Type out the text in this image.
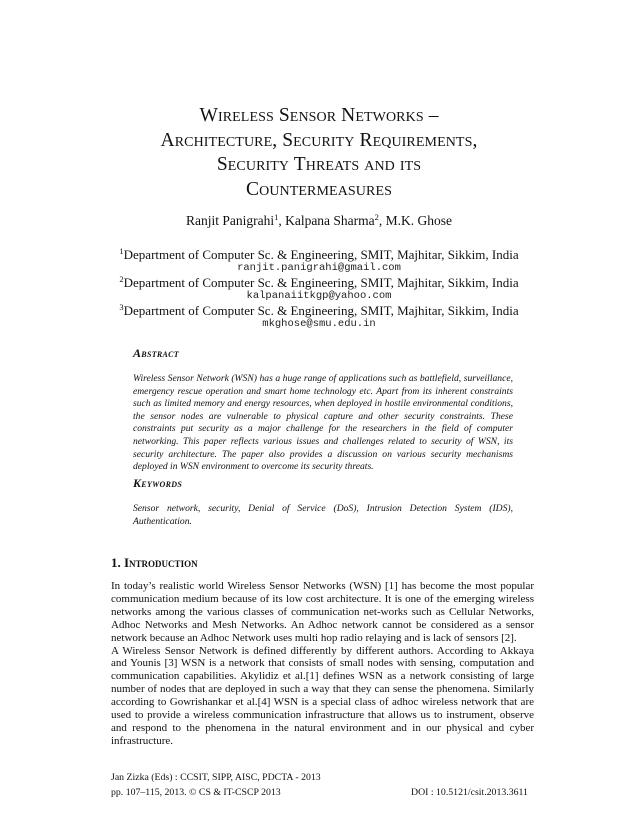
Wireless Sensor Networks –
Architecture, Security Requirements,
Security Threats and its
Countermeasures
Ranjit Panigrahi$^1$, Kalpana Sharma$^2$, M.K. Ghose
$^1$Department of Computer Sc. & Engineering, SMIT, Majhitar, Sikkim, India
ranjit.panigrahi@gmail.com
$^2$Department of Computer Sc. & Engineering, SMIT, Majhitar, Sikkim, India
kalpanaiitkgp@yahoo.com
$^3$Department of Computer Sc. & Engineering, SMIT, Majhitar, Sikkim, India
mkghose@smu.edu.in
Abstract
Wireless Sensor Network (WSN) has a huge range of applications such as battlefield, surveillance, emergency rescue operation and smart home technology etc. Apart from its inherent constraints such as limited memory and energy resources, when deployed in hostile environmental conditions, the sensor nodes are vulnerable to physical capture and other security constraints. These constraints put security as a major challenge for the researchers in the field of computer networking. This paper reflects various issues and challenges related to security of WSN, its security architecture. The paper also provides a discussion on various security mechanisms deployed in WSN environment to overcome its security threats.
Keywords
Sensor network, security, Denial of Service (DoS), Intrusion Detection System (IDS), Authentication.
1. Introduction

In today’s realistic world Wireless Sensor Networks (WSN) [1] has become the most popular communication medium because of its low cost architecture. It is one of the emerging wireless networks among the various classes of communication net-works such as Cellular Networks, Adhoc Networks and Mesh Networks. An Adhoc network cannot be considered as a sensor network because an Adhoc Network uses multi hop radio relaying and is lack of sensors [2].

A Wireless Sensor Network is defined differently by different authors. According to Akkaya and Younis [3] WSN is a network that consists of small nodes with sensing, computation and communication capabilities. Akylidiz et al.[1] defines WSN as a network consisting of large number of nodes that are deployed in such a way that they can sense the phenomena. Similarly according to Gowrishankar et al.[4] WSN is a special class of adhoc wireless network that are used to provide a wireless communication infrastructure that allows us to instrument, observe and respond to the phenomena in the natural environment and in our physical and cyber infrastructure.

Jan Zizka (Eds) : CCSIT, SIPP, AISC, PDCTA - 2013
pp. 107–115, 2013. © CS & IT-CSCP 2013	DOI : 10.5121/csit.2013.3611
